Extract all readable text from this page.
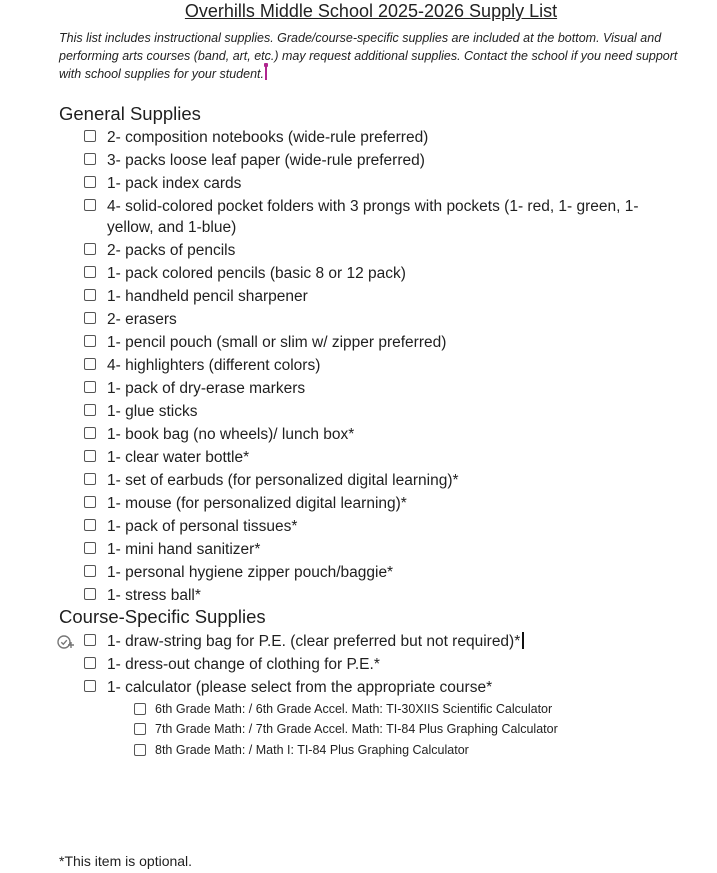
Overhills Middle School 2025-2026 Supply List
This list includes instructional supplies. Grade/course-specific supplies are included at the bottom. Visual and performing arts courses (band, art, etc.) may request additional supplies. Contact the school if you need support with school supplies for your student.
General Supplies
2- composition notebooks (wide-rule preferred)
3- packs loose leaf paper (wide-rule preferred)
1- pack index cards
4- solid-colored pocket folders with 3 prongs with pockets (1- red, 1- green, 1-yellow, and 1-blue)
2- packs of pencils
1- pack colored pencils (basic 8 or 12 pack)
1- handheld pencil sharpener
2- erasers
1- pencil pouch (small or slim w/ zipper preferred)
4- highlighters (different colors)
1- pack of dry-erase markers
1- glue sticks
1- book bag (no wheels)/ lunch box*
1- clear water bottle*
1- set of earbuds (for personalized digital learning)*
1- mouse (for personalized digital learning)*
1- pack of personal tissues*
1- mini hand sanitizer*
1- personal hygiene zipper pouch/baggie*
1- stress ball*
Course-Specific Supplies
1- draw-string bag for P.E. (clear preferred but not required)*
1- dress-out change of clothing for P.E.*
1- calculator (please select from the appropriate course*
6th Grade Math: / 6th Grade Accel. Math: TI-30XIIS Scientific Calculator
7th Grade Math: / 7th Grade Accel. Math: TI-84 Plus Graphing Calculator
8th Grade Math: / Math I: TI-84 Plus Graphing Calculator
*This item is optional.
